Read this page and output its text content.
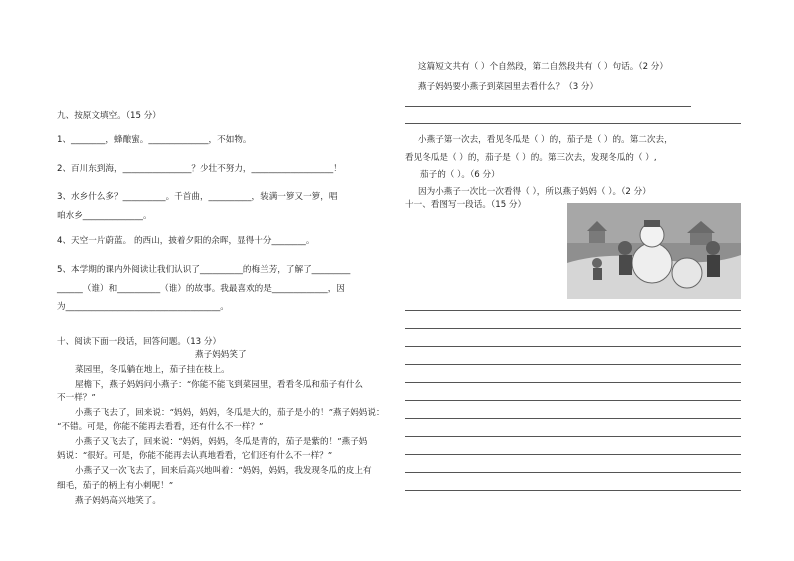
九、按原文填空。（15 分）
1、________，蜂酿蜜。______________，不如物。
2、百川东到海，________________？少壮不努力，___________________！
3、水乡什么多？__________。千首曲，__________，装满一箩又一箩，唱
咱水乡______________。
4、天空一片蔚蓝。 的西山，披着夕阳的余晖，显得十分________。
5、本学期的课内外阅读让我们认识了__________的梅兰芳，了解了_________
______（谁）和__________（谁）的故事。我最喜欢的是_____________，因
为____________________________________。
十、阅读下面一段话，回答问题。（13 分）
燕子妈妈笑了
菜园里，冬瓜躺在地上，茄子挂在枝上。
屋檐下，燕子妈妈问小燕子：“你能不能飞到菜园里，看看冬瓜和茄子有什么
不一样？”
小燕子飞去了，回来说：“妈妈，妈妈，冬瓜是大的，茄子是小的！”燕子妈妈说：
“不错。可是，你能不能再去看看，还有什么不一样？”
小燕子又飞去了，回来说：“妈妈，妈妈，冬瓜是青的，茄子是紫的！”燕子妈
妈说：“很好。可是，你能不能再去认真地看看，它们还有什么不一样？”
小燕子又一次飞去了，回来后高兴地叫着：“妈妈，妈妈，我发现冬瓜的皮上有
细毛，茄子的柄上有小刺呢！”
燕子妈妈高兴地笑了。
这篇短文共有（ ）个自然段，第二自然段共有（ ）句话。（2 分）
燕子妈妈要小燕子到菜园里去看什么？（3 分）
小燕子第一次去，看见冬瓜是（ ）的，茄子是（ ）的。第二次去，
看见冬瓜是（ ）的，茄子是（ ）的。第三次去，发现冬瓜的（ ）,
茄子的（ ）。（6 分）
因为小燕子一次比一次看得（ ），所以燕子妈妈（ ）。（2 分）
十一、看图写一段话。（15 分）
